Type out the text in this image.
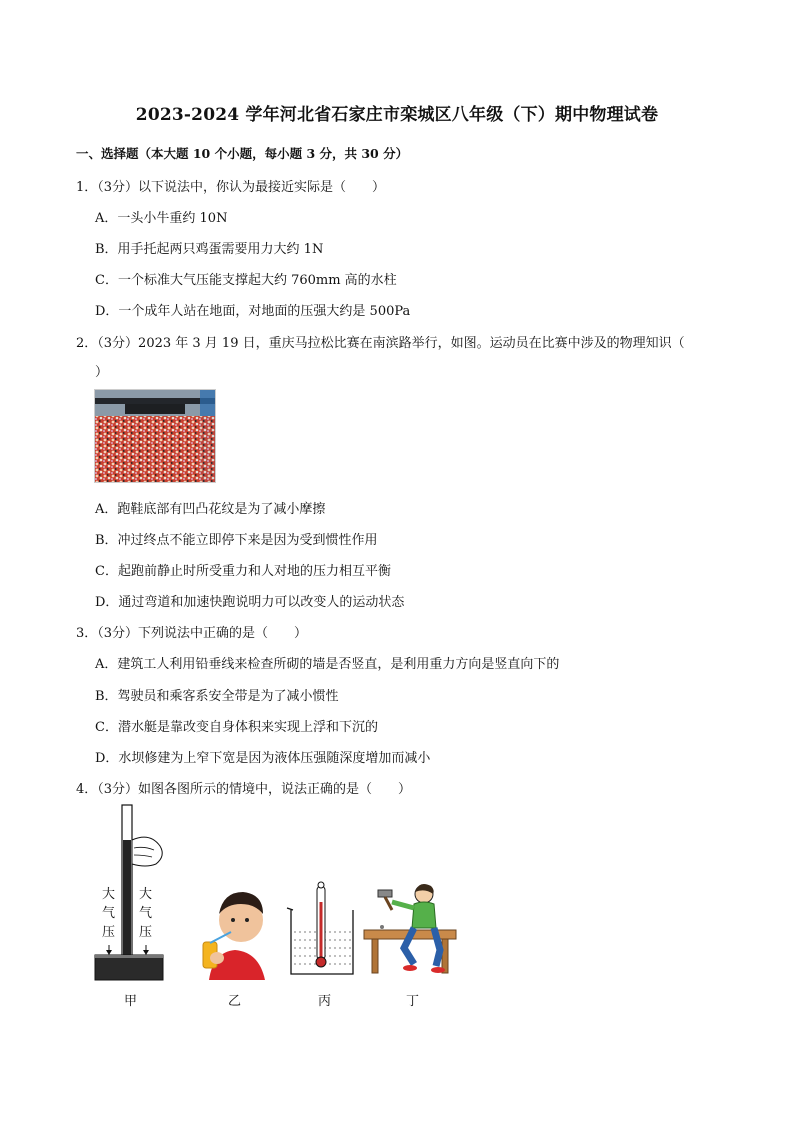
2023-2024 学年河北省石家庄市栾城区八年级（下）期中物理试卷
一、选择题（本大题 10 个小题，每小题 3 分，共 30 分）
1．（3分）以下说法中，你认为最接近实际是（　　）
A．一头小牛重约 10N
B．用手托起两只鸡蛋需要用力大约 1N
C．一个标准大气压能支撑起大约 760mm 高的水柱
D．一个成年人站在地面，对地面的压强大约是 500Pa
2．（3分）2023 年 3 月 19 日，重庆马拉松比赛在南滨路举行，如图。运动员在比赛中涉及的物理知识（
）
A．跑鞋底部有凹凸花纹是为了减小摩擦
B．冲过终点不能立即停下来是因为受到惯性作用
C．起跑前静止时所受重力和人对地的压力相互平衡
D．通过弯道和加速快跑说明力可以改变人的运动状态
3．（3分）下列说法中正确的是（　　）
A．建筑工人利用铅垂线来检查所砌的墙是否竖直，是利用重力方向是竖直向下的
B．驾驶员和乘客系安全带是为了减小惯性
C．潜水艇是靠改变自身体积来实现上浮和下沉的
D．水坝修建为上窄下宽是因为液体压强随深度增加而减小
4．（3分）如图各图所示的情境中，说法正确的是（　　）
大
气
压
大
气
压
甲	乙	丙	丁
